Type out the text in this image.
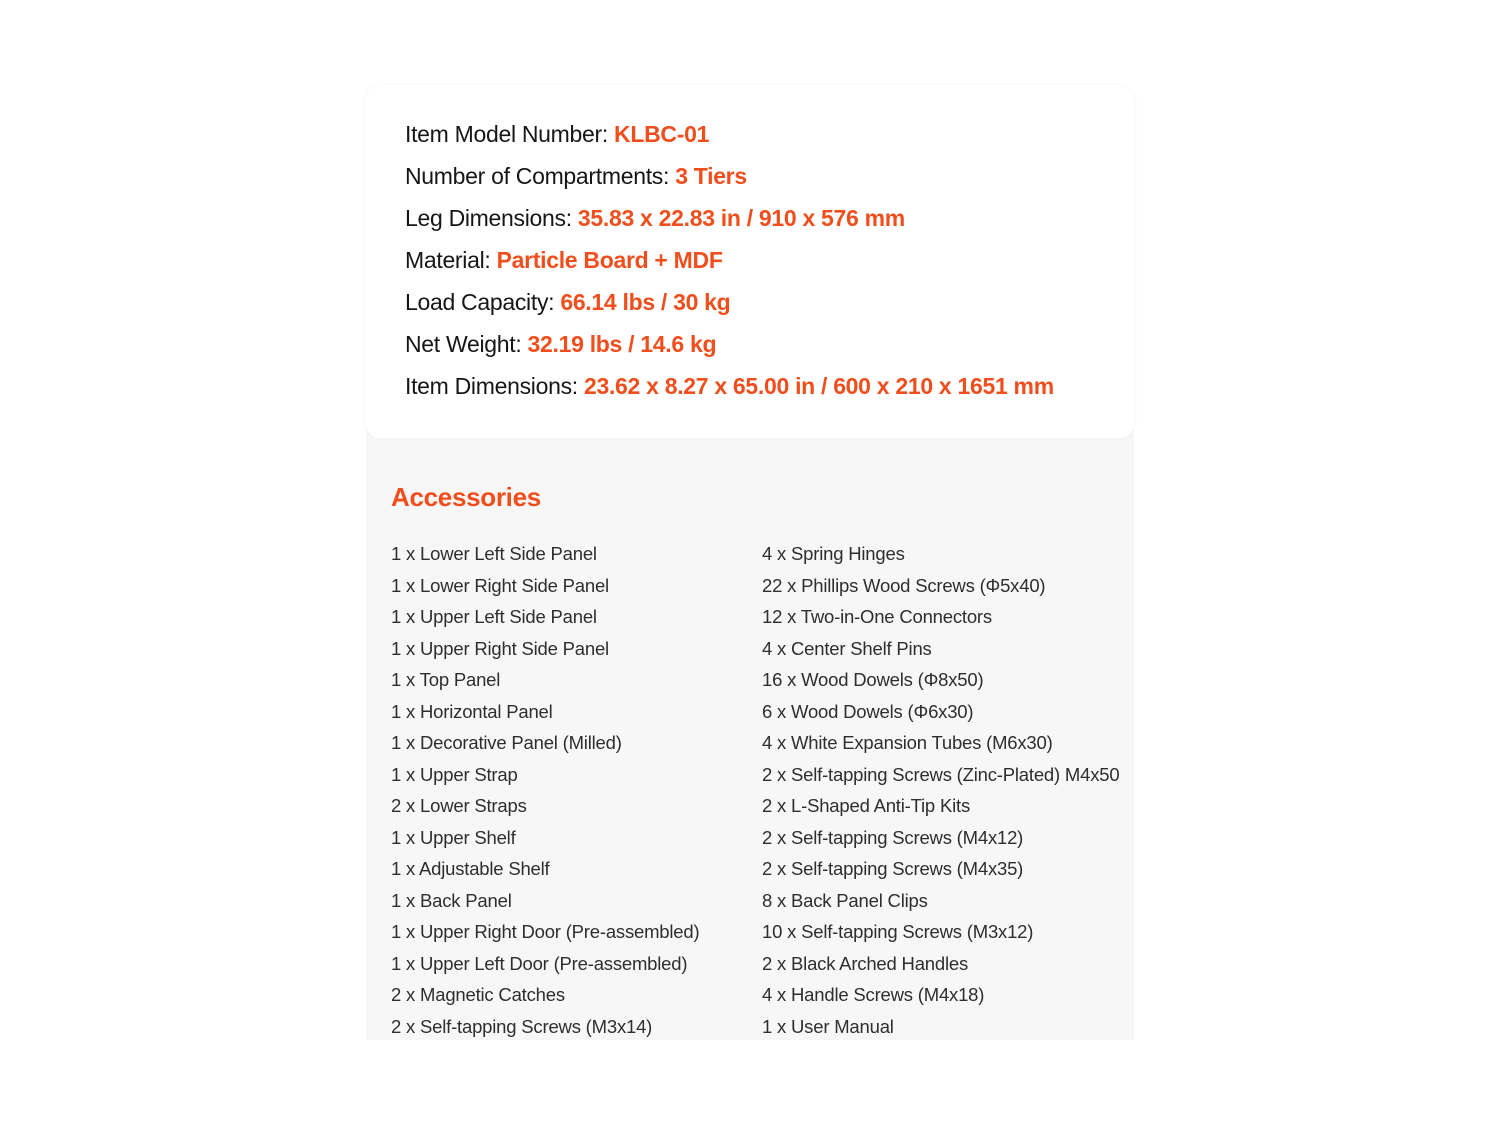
Item Model Number: KLBC-01
Number of Compartments: 3 Tiers
Leg Dimensions: 35.83 x 22.83 in / 910 x 576 mm
Material: Particle Board + MDF
Load Capacity: 66.14 lbs / 30 kg
Net Weight: 32.19 lbs / 14.6 kg
Item Dimensions: 23.62 x 8.27 x 65.00 in / 600 x 210 x 1651 mm
Accessories
1 x Lower Left Side Panel
1 x Lower Right Side Panel
1 x Upper Left Side Panel
1 x Upper Right Side Panel
1 x Top Panel
1 x Horizontal Panel
1 x Decorative Panel (Milled)
1 x Upper Strap
2 x Lower Straps
1 x Upper Shelf
1 x Adjustable Shelf
1 x Back Panel
1 x Upper Right Door (Pre-assembled)
1 x Upper Left Door (Pre-assembled)
2 x Magnetic Catches
2 x Self-tapping Screws (M3x14)
4 x Spring Hinges
22 x Phillips Wood Screws (Φ5x40)
12 x Two-in-One Connectors
4 x Center Shelf Pins
16 x Wood Dowels (Φ8x50)
6 x Wood Dowels (Φ6x30)
4 x White Expansion Tubes (M6x30)
2 x Self-tapping Screws (Zinc-Plated) M4x50
2 x L-Shaped Anti-Tip Kits
2 x Self-tapping Screws (M4x12)
2 x Self-tapping Screws (M4x35)
8 x Back Panel Clips
10 x Self-tapping Screws (M3x12)
2 x Black Arched Handles
4 x Handle Screws (M4x18)
1 x User Manual
